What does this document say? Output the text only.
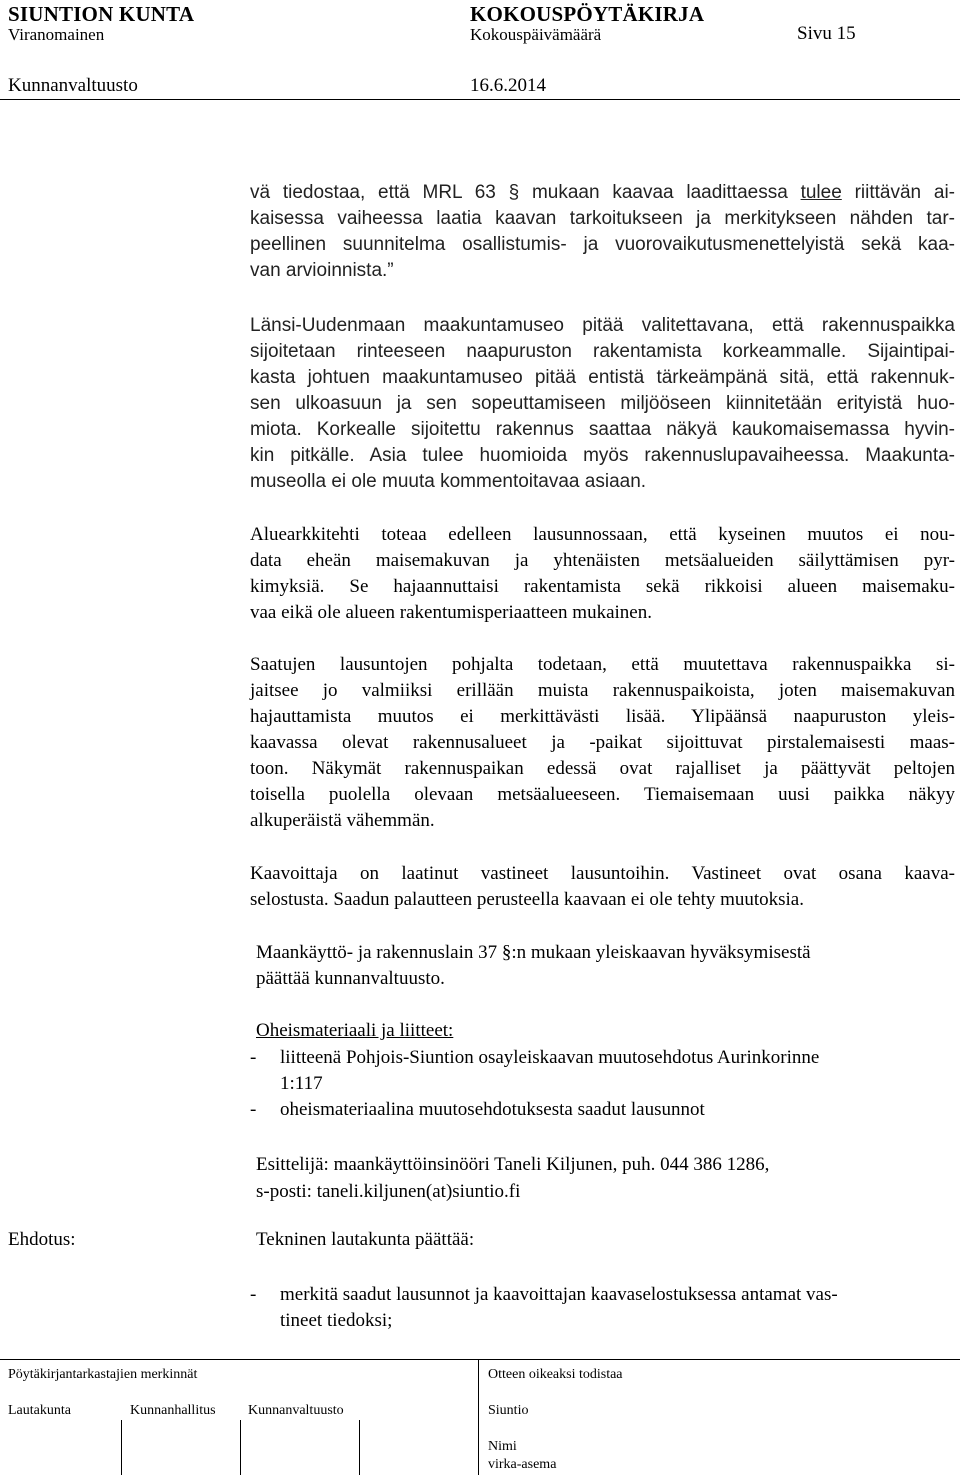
SIUNTION KUNTA	KOKOUSPÖYTÄKIRJA
Viranomainen	Kokouspäivämäärä	Sivu 15
Kunnanvaltuusto	16.6.2014
vä tiedostaa, että MRL 63 § mukaan kaavaa laadittaessa tulee riittävän ai-
kaisessa vaiheessa laatia kaavan tarkoitukseen ja merkitykseen nähden tar-
peellinen suunnitelma osallistumis- ja vuorovaikutusmenettelyistä sekä kaa-
van arvioinnista.”
Länsi-Uudenmaan maakuntamuseo pitää valitettavana, että rakennuspaikka
sijoitetaan rinteeseen naapuruston rakentamista korkeammalle. Sijaintipai-
kasta johtuen maakuntamuseo pitää entistä tärkeämpänä sitä, että rakennuk-
sen ulkoasuun ja sen sopeuttamiseen miljööseen kiinnitetään erityistä huo-
miota. Korkealle sijoitettu rakennus saattaa näkyä kaukomaisemassa hyvin-
kin pitkälle. Asia tulee huomioida myös rakennuslupavaiheessa. Maakunta-
museolla ei ole muuta kommentoitavaa asiaan.
Aluearkkitehti toteaa edelleen lausunnossaan, että kyseinen muutos ei nou-
data eheän maisemakuvan ja yhtenäisten metsäalueiden säilyttämisen pyr-
kimyksiä. Se hajaannuttaisi rakentamista sekä rikkoisi alueen maisemaku-
vaa eikä ole alueen rakentumisperiaatteen mukainen.
Saatujen lausuntojen pohjalta todetaan, että muutettava rakennuspaikka si-
jaitsee jo valmiiksi erillään muista rakennuspaikoista, joten maisemakuvan
hajauttamista muutos ei merkittävästi lisää. Ylipäänsä naapuruston yleis-
kaavassa olevat rakennusalueet ja -paikat sijoittuvat pirstalemaisesti maas-
toon. Näkymät rakennuspaikan edessä ovat rajalliset ja päättyvät peltojen
toisella puolella olevaan metsäalueeseen. Tiemaisemaan uusi paikka näkyy
alkuperäistä vähemmän.
Kaavoittaja on laatinut vastineet lausuntoihin. Vastineet ovat osana kaava-
selostusta. Saadun palautteen perusteella kaavaan ei ole tehty muutoksia.
Maankäyttö- ja rakennuslain 37 §:n mukaan yleiskaavan hyväksymisestä
päättää kunnanvaltuusto.
Oheismateriaali ja liitteet:
- liitteenä Pohjois-Siuntion osayleiskaavan muutosehdotus Aurinkorinne
1:117
- oheismateriaalina muutosehdotuksesta saadut lausunnot
Esittelijä: maankäyttöinsinööri Taneli Kiljunen, puh. 044 386 1286,
s-posti: taneli.kiljunen(at)siuntio.fi
Ehdotus:	Tekninen lautakunta päättää:
- merkitä saadut lausunnot ja kaavoittajan kaavaselostuksessa antamat vas-
tineet tiedoksi;
Pöytäkirjantarkastajien merkinnät	Otteen oikeaksi todistaa
Lautakunta	Kunnanhallitus Kunnanvaltuusto	Siuntio
Nimi
virka-asema
